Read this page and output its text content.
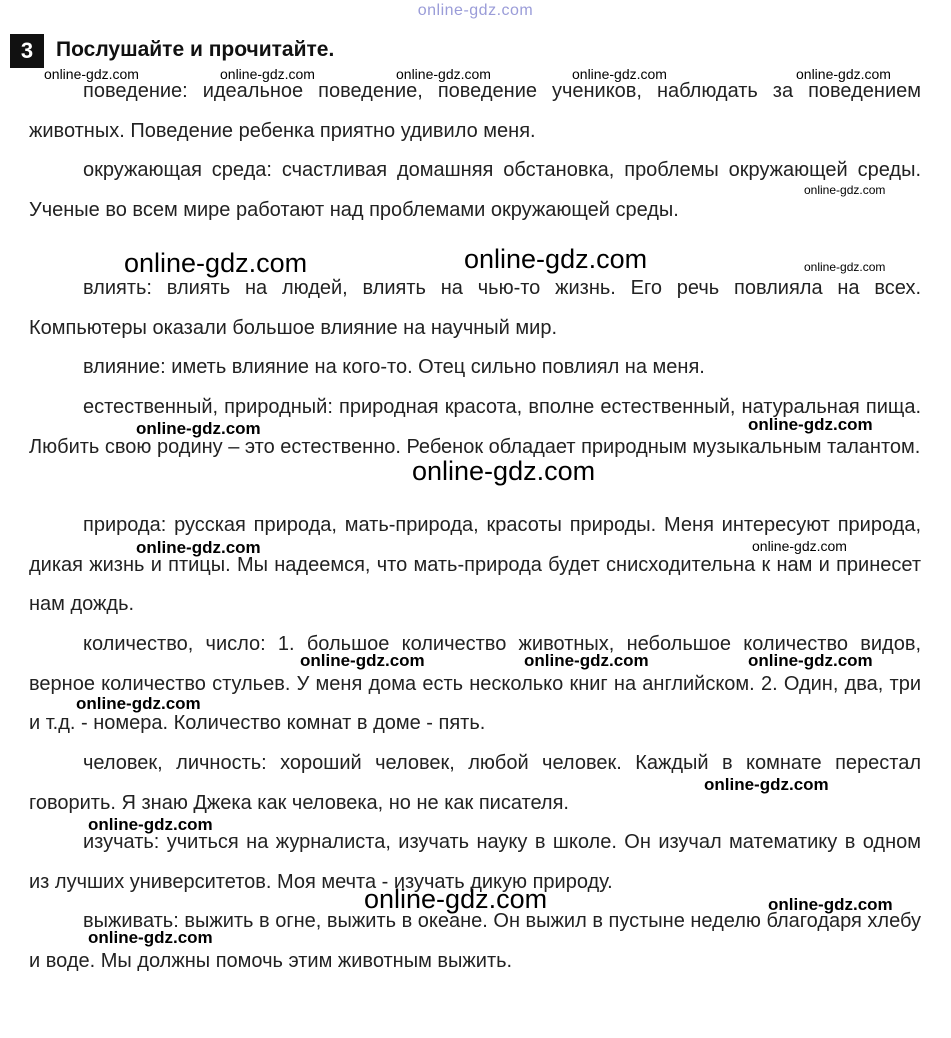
online-gdz.com
3	Послушайте и прочитайте.

поведение: идеальное поведение, поведение учеников, наблюдать за поведением животных. Поведение ребенка приятно удивило меня.

окружающая среда: счастливая домашняя обстановка, проблемы окружающей среды. Ученые во всем мире работают над проблемами окружающей среды.

влиять: влиять на людей, влиять на чью-то жизнь. Его речь повлияла на всех. Компьютеры оказали большое влияние на научный мир.

влияние: иметь влияние на кого-то. Отец сильно повлиял на меня.

естественный, природный: природная красота, вполне естественный, натуральная пища. Любить свою родину – это естественно. Ребенок обладает природным музыкальным талантом.

природа: русская природа, мать-природа, красоты природы. Меня интересуют природа, дикая жизнь и птицы. Мы надеемся, что мать-природа будет снисходительна к нам и принесет нам дождь.

количество, число: 1. большое количество животных, небольшое количество видов, верное количество стульев. У меня дома есть несколько книг на английском. 2. Один, два, три и т.д. - номера. Количество комнат в доме - пять.

человек, личность: хороший человек, любой человек. Каждый в комнате перестал говорить. Я знаю Джека как человека, но не как писателя.

изучать: учиться на журналиста, изучать науку в школе. Он изучал математику в одном из лучших университетов. Моя мечта - изучать дикую природу.

выживать: выжить в огне, выжить в океане. Он выжил в пустыне неделю благодаря хлебу и воде. Мы должны помочь этим животным выжить.

online-gdz.com	online-gdz.com	online-gdz.com	online-gdz.com	online-gdz.com
online-gdz.com
online-gdz.com	online-gdz.com	online-gdz.com
online-gdz.com	online-gdz.com
online-gdz.com
online-gdz.com	online-gdz.com
online-gdz.com	online-gdz.com	online-gdz.com
online-gdz.com
online-gdz.com
online-gdz.com
online-gdz.com	online-gdz.com
online-gdz.com
